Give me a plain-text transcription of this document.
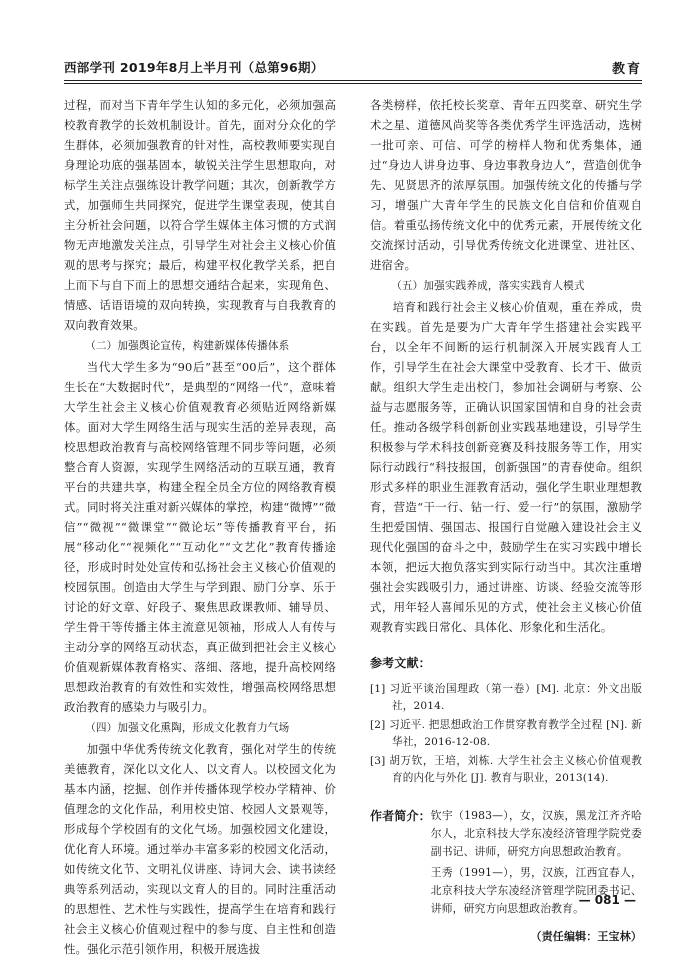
西部学刊 2019年8月上半月刊（总第96期）	教育

过程，而对当下青年学生认知的多元化，必须加强高校教育教学的长效机制设计。首先，面对分众化的学生群体，必须加强教育的针对性，高校教师要实现自身理论功底的强基固本，敏锐关注学生思想取向，对标学生关注点强练设计教学问题；其次，创新教学方式，加强师生共同探究，促进学生课堂表现，使其自主分析社会问题，以符合学生媒体主体习惯的方式润物无声地激发关注点，引导学生对社会主义核心价值观的思考与探究；最后，构建平权化教学关系，把自上而下与自下而上的思想交通结合起来，实现角色、情感、话语语境的双向转换，实现教育与自我教育的双向教育效果。

（二）加强舆论宣传，构建新媒体传播体系

当代大学生多为“90后”甚至“00后”，这个群体生长在“大数据时代”，是典型的“网络一代”，意味着大学生社会主义核心价值观教育必须贴近网络新媒体。面对大学生网络生活与现实生活的差异表现，高校思想政治教育与高校网络管理不同步等问题，必须整合育人资源，实现学生网络活动的互联互通，教育平台的共建共享，构建全程全员全方位的网络教育模式。同时将关注重对新兴媒体的掌控，构建“微博”“微信”“微视”“微课堂”“微论坛”等传播教育平台，拓展“移动化”“视频化”“互动化”“文艺化”教育传播途径，形成时时处处宣传和弘扬社会主义核心价值观的校园氛围。创造由大学生与学到跟、励门分享、乐于讨论的好文章、好段子、聚焦思政课教师、辅导员、学生骨干等传播主体主流意见领袖，形成人人有传与主动分享的网络互动状态，真正做到把社会主义核心价值观新媒体教育格实、落细、落地，提升高校网络思想政治教育的有效性和实效性，增强高校网络思想政治教育的感染力与吸引力。

（四）加强文化熏陶，形成文化教育力气场

加强中华优秀传统文化教育，强化对学生的传统美德教育，深化以文化人、以文育人。以校园文化为基本内涵，挖掘、创作并传播体现学校办学精神、价值理念的文化作品，利用校史馆、校园人文景观等，形成每个学校固有的文化气场。加强校园文化建设，优化育人环境。通过举办丰富多彩的校园文化活动，如传统文化节、文明礼仪讲座、诗词大会、读书读经典等系列活动，实现以文育人的目的。同时注重活动的思想性、艺术性与实践性，提高学生在培育和践行社会主义核心价值观过程中的参与度、自主性和创造性。强化示范引领作用，积极开展选拔

各类榜样，依托校长奖章、青年五四奖章、研究生学术之星、道德风尚奖等各类优秀学生评选活动，选树一批可亲、可信、可学的榜样人物和优秀集体，通过“身边人讲身边事、身边事教身边人”，营造创优争先、见贤思齐的浓厚氛围。加强传统文化的传播与学习，增强广大青年学生的民族文化自信和价值观自信。着重弘扬传统文化中的优秀元素，开展传统文化交流探讨活动，引导优秀传统文化进课堂、进社区、进宿舍。

（五）加强实践养成，落实实践育人模式

培育和践行社会主义核心价值观，重在养成，贵在实践。首先是要为广大青年学生搭建社会实践平台，以全年不间断的运行机制深入开展实践育人工作，引导学生在社会大课堂中受教育、长才干、做贡献。组织大学生走出校门，参加社会调研与考察、公益与志愿服务等，正确认识国家国情和自身的社会责任。推动各级学科创新创业实践基地建设，引导学生积极参与学术科技创新竞赛及科技服务等工作，用实际行动践行“科技报国，创新强国”的青春使命。组织形式多样的职业生涯教育活动，强化学生职业理想教育，营造“干一行、钻一行、爱一行”的氛围，激励学生把爱国情、强国志、报国行自觉融入建设社会主义现代化强国的奋斗之中，鼓励学生在实习实践中增长本领，把远大抱负落实到实际行动当中。其次注重增强社会实践吸引力，通过讲座、访谈、经验交流等形式，用年轻人喜闻乐见的方式，使社会主义核心价值观教育实践日常化、具体化、形象化和生活化。

参考文献：
[1] 习近平谈治国理政（第一卷）[M]. 北京：外文出版社，2014.
[2] 习近平. 把思想政治工作贯穿教育教学全过程 [N]. 新华社，2016-12-08.
[3] 胡万钦，王培，刘栋. 大学生社会主义核心价值观教育的内化与外化 [J]. 教育与职业，2013(14).
作者简介： 钦宇（1983—），女，汉族，黑龙江齐齐哈尔人，北京科技大学东凌经济管理学院党委副书记、讲师，研究方向思想政治教育。

王秀（1991—），男，汉族，江西宜春人，北京科技大学东凌经济管理学院团委书记、讲师，研究方向思想政治教育。

（责任编辑：王宝林）
— 081 —
